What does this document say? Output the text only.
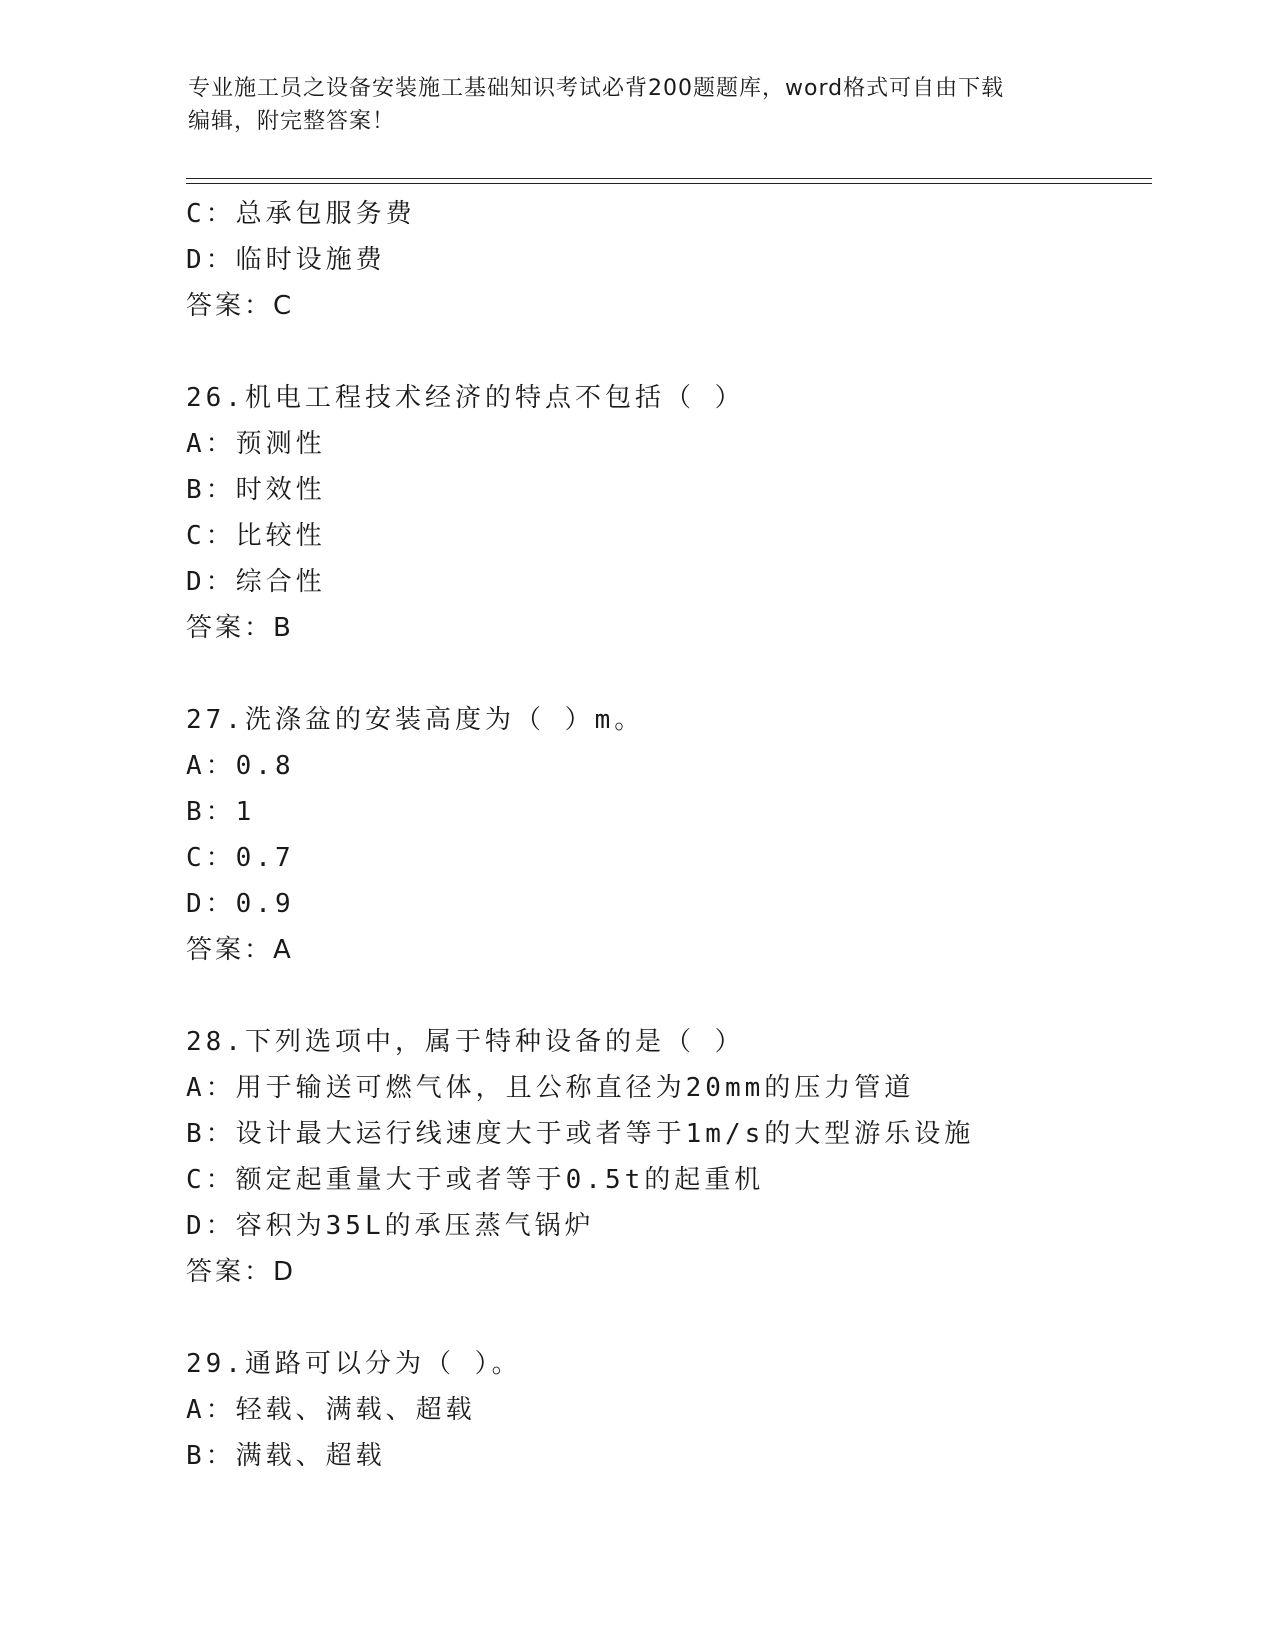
专业施工员之设备安装施工基础知识考试必背200题题库，word格式可自由下载
编辑，附完整答案！
C：总承包服务费
D：临时设施费
答案：C
26.机电工程技术经济的特点不包括（ ）
A：预测性
B：时效性
C：比较性
D：综合性
答案：B
27.洗涤盆的安装高度为（ ）m。
A：0.8
B：1
C：0.7
D：0.9
答案：A
28.下列选项中，属于特种设备的是（ ）
A：用于输送可燃气体，且公称直径为20mm的压力管道
B：设计最大运行线速度大于或者等于1m/s的大型游乐设施
C：额定起重量大于或者等于0.5t的起重机
D：容积为35L的承压蒸气锅炉
答案：D
29.通路可以分为（ ）。
A：轻载、满载、超载
B：满载、超载
